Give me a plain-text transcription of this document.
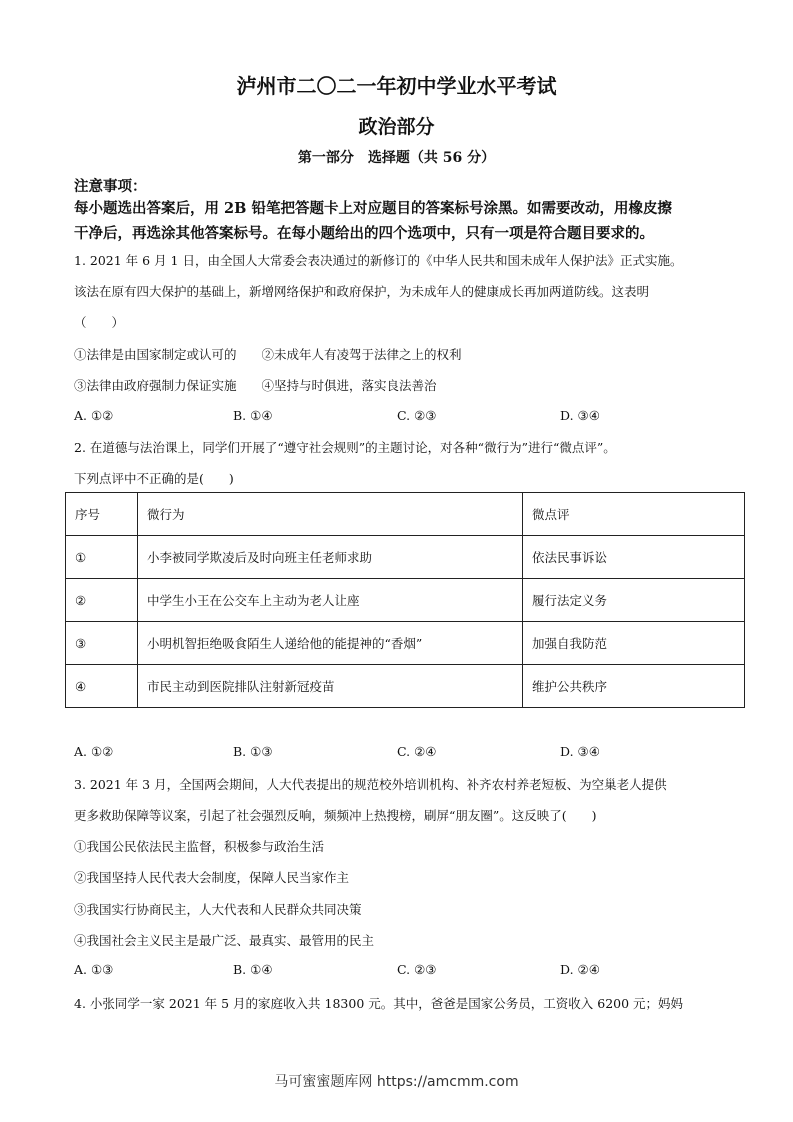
泸州市二〇二一年初中学业水平考试
政治部分
第一部分　选择题（共 56 分）
注意事项：
每小题选出答案后，用 2B 铅笔把答题卡上对应题目的答案标号涂黑。如需要改动，用橡皮擦
干净后，再选涂其他答案标号。在每小题给出的四个选项中，只有一项是符合题目要求的。
1. 2021 年 6 月 1 日，由全国人大常委会表决通过的新修订的《中华人民共和国未成年人保护法》正式实施。
该法在原有四大保护的基础上，新增网络保护和政府保护，为未成年人的健康成长再加两道防线。这表明
（　　）
①法律是由国家制定或认可的　　②未成年人有凌驾于法律之上的权利
③法律由政府强制力保证实施　　④坚持与时俱进，落实良法善治
A. ①②	B. ①④	C. ②③	D. ③④
2. 在道德与法治课上，同学们开展了“遵守社会规则”的主题讨论，对各种“微行为”进行“微点评”。
下列点评中不正确的是(　　)
序号	微行为	微点评
①	小李被同学欺凌后及时向班主任老师求助	依法民事诉讼
②	中学生小王在公交车上主动为老人让座	履行法定义务
③	小明机智拒绝吸食陌生人递给他的能提神的“香烟”	加强自我防范
④	市民主动到医院排队注射新冠疫苗	维护公共秩序
A. ①②	B. ①③	C. ②④	D. ③④
3. 2021 年 3 月，全国两会期间，人大代表提出的规范校外培训机构、补齐农村养老短板、为空巢老人提供
更多救助保障等议案，引起了社会强烈反响，频频冲上热搜榜，刷屏“朋友圈”。这反映了(　　)
①我国公民依法民主监督，积极参与政治生活
②我国坚持人民代表大会制度，保障人民当家作主
③我国实行协商民主，人大代表和人民群众共同决策
④我国社会主义民主是最广泛、最真实、最管用的民主
A. ①③	B. ①④	C. ②③	D. ②④
4. 小张同学一家 2021 年 5 月的家庭收入共 18300 元。其中，爸爸是国家公务员，工资收入 6200 元；妈妈
马可蜜蜜题库网 https://amcmm.com
